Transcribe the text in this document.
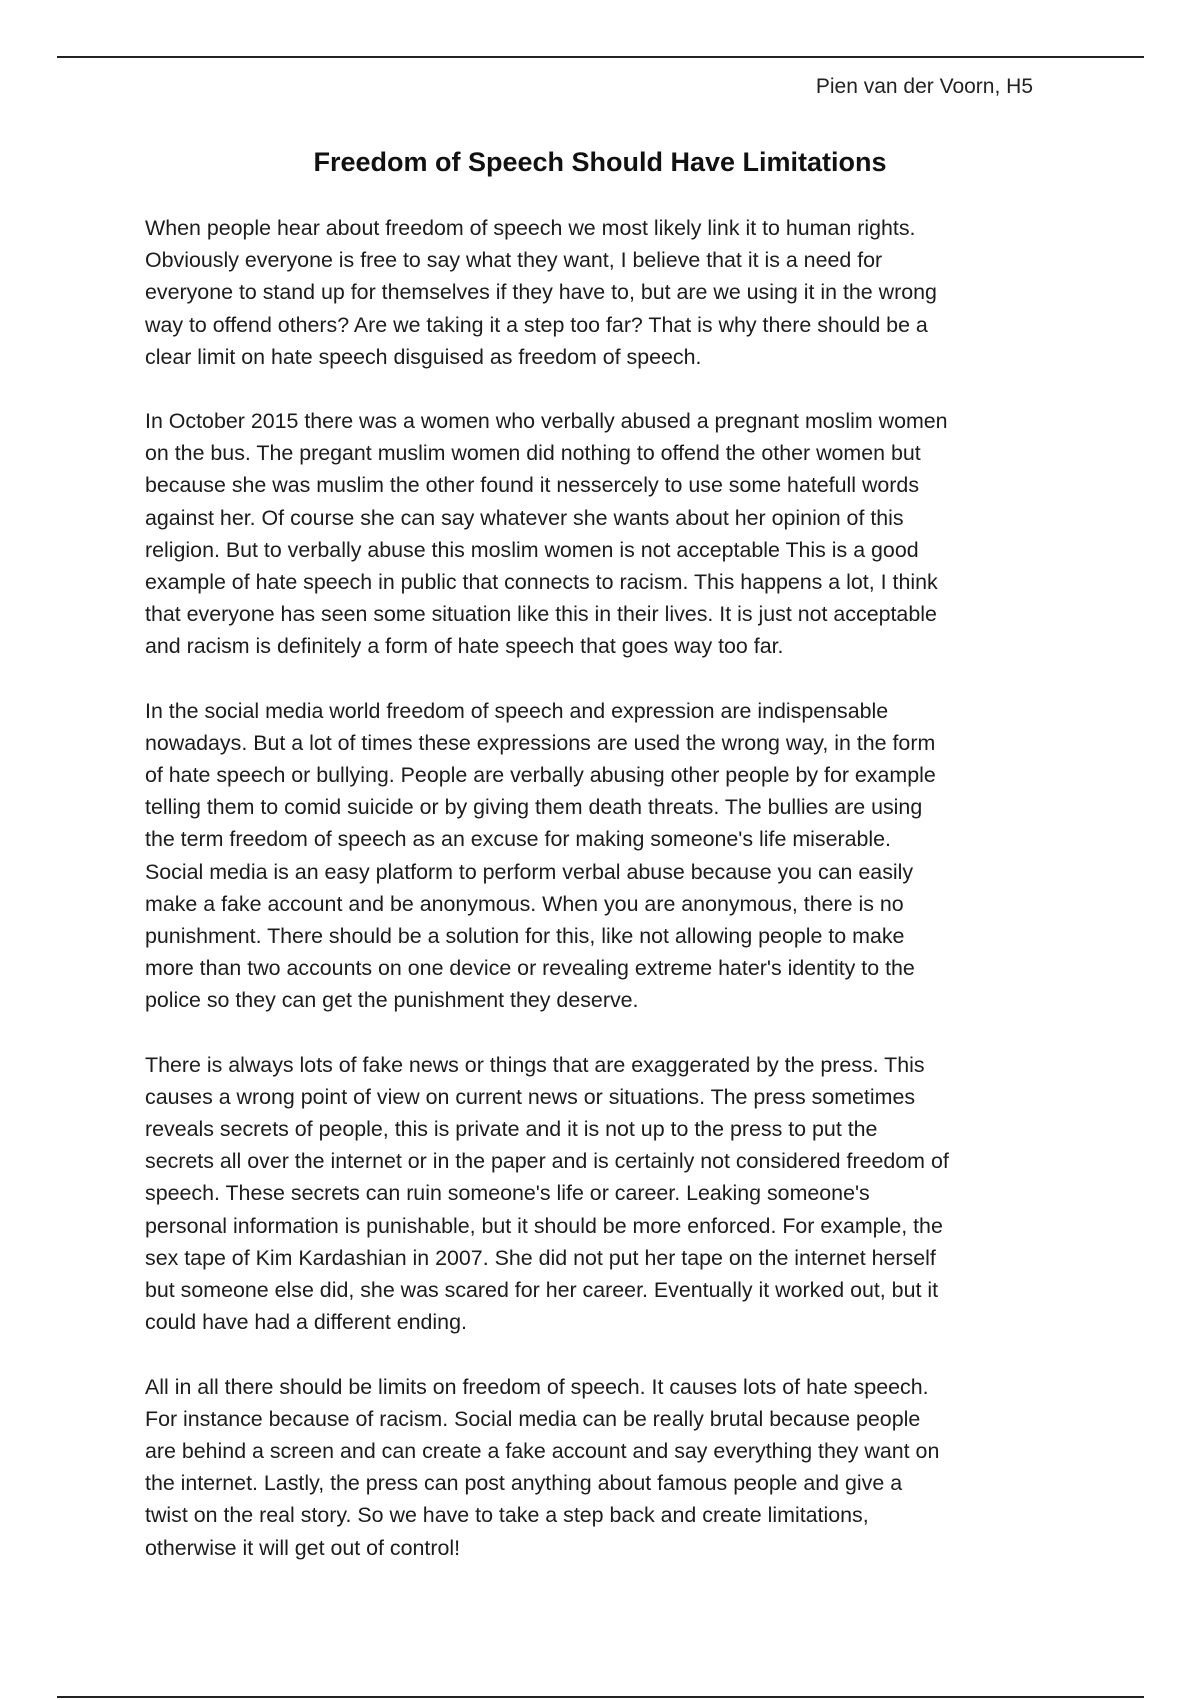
Pien van der Voorn, H5

Freedom of Speech Should Have Limitations

When people hear about freedom of speech we most likely link it to human rights.
Obviously everyone is free to say what they want, I believe that it is a need for
everyone to stand up for themselves if they have to, but are we using it in the wrong
way to offend others? Are we taking it a step too far? That is why there should be a
clear limit on hate speech disguised as freedom of speech.

In October 2015 there was a women who verbally abused a pregnant moslim women
on the bus. The pregant muslim women did nothing to offend the other women but
because she was muslim the other found it nessercely to use some hatefull words
against her. Of course she can say whatever she wants about her opinion of this
religion. But to verbally abuse this moslim women is not acceptable This is a good
example of hate speech in public that connects to racism. This happens a lot, I think
that everyone has seen some situation like this in their lives. It is just not acceptable
and racism is definitely a form of hate speech that goes way too far.

In the social media world freedom of speech and expression are indispensable
nowadays. But a lot of times these expressions are used the wrong way, in the form
of hate speech or bullying. People are verbally abusing other people by for example
telling them to comid suicide or by giving them death threats. The bullies are using
the term freedom of speech as an excuse for making someone's life miserable.
Social media is an easy platform to perform verbal abuse because you can easily
make a fake account and be anonymous. When you are anonymous, there is no
punishment. There should be a solution for this, like not allowing people to make
more than two accounts on one device or revealing extreme hater's identity to the
police so they can get the punishment they deserve.

There is always lots of fake news or things that are exaggerated by the press. This
causes a wrong point of view on current news or situations. The press sometimes
reveals secrets of people, this is private and it is not up to the press to put the
secrets all over the internet or in the paper and is certainly not considered freedom of
speech. These secrets can ruin someone's life or career. Leaking someone's
personal information is punishable, but it should be more enforced. For example, the
sex tape of Kim Kardashian in 2007. She did not put her tape on the internet herself
but someone else did, she was scared for her career. Eventually it worked out, but it
could have had a different ending.

All in all there should be limits on freedom of speech. It causes lots of hate speech.
For instance because of racism. Social media can be really brutal because people
are behind a screen and can create a fake account and say everything they want on
the internet. Lastly, the press can post anything about famous people and give a
twist on the real story. So we have to take a step back and create limitations,
otherwise it will get out of control!
